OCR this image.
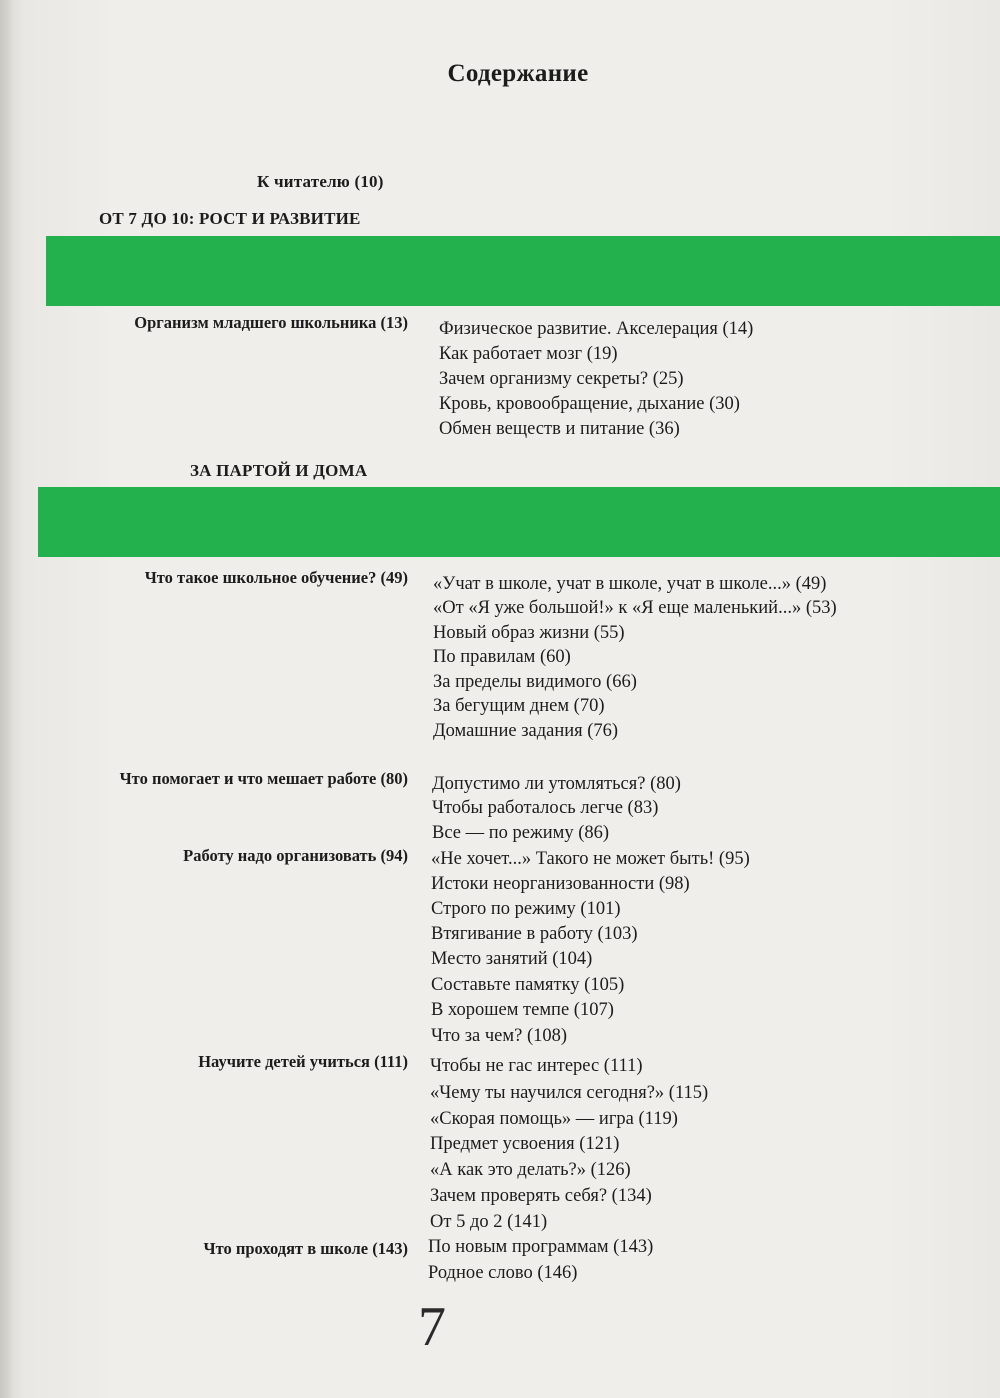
Содержание
К читателю (10)
ОТ 7 ДО 10: РОСТ И РАЗВИТИЕ
Организм младшего школьника (13) Физическое развитие. Акселерация (14)
Как работает мозг (19)
Зачем организму секреты? (25)
Кровь, кровообращение, дыхание (30)
Обмен веществ и питание (36)
ЗА ПАРТОЙ И ДОМА
Что такое школьное обучение? (49) «Учат в школе, учат в школе, учат в школе...» (49)
«От «Я уже большой!» к «Я еще маленький...» (53)
Новый образ жизни (55)
По правилам (60)
За пределы видимого (66)
За бегущим днем (70)
Домашние задания (76)
Что помогает и что мешает работе (80) Допустимо ли утомляться? (80)
Чтобы работалось легче (83)
Все — по режиму (86)
Работу надо организовать (94) «Не хочет...» Такого не может быть! (95)
Истоки неорганизованности (98)
Строго по режиму (101)
Втягивание в работу (103)
Место занятий (104)
Составьте памятку (105)
В хорошем темпе (107)
Что за чем? (108)
Научите детей учиться (111) Чтобы не гас интерес (111)
«Чему ты научился сегодня?» (115)
«Скорая помощь» — игра (119)
Предмет усвоения (121)
«А как это делать?» (126)
Зачем проверять себя? (134)
От 5 до 2 (141)
Что проходят в школе (143) По новым программам (143)
Родное слово (146)
7
